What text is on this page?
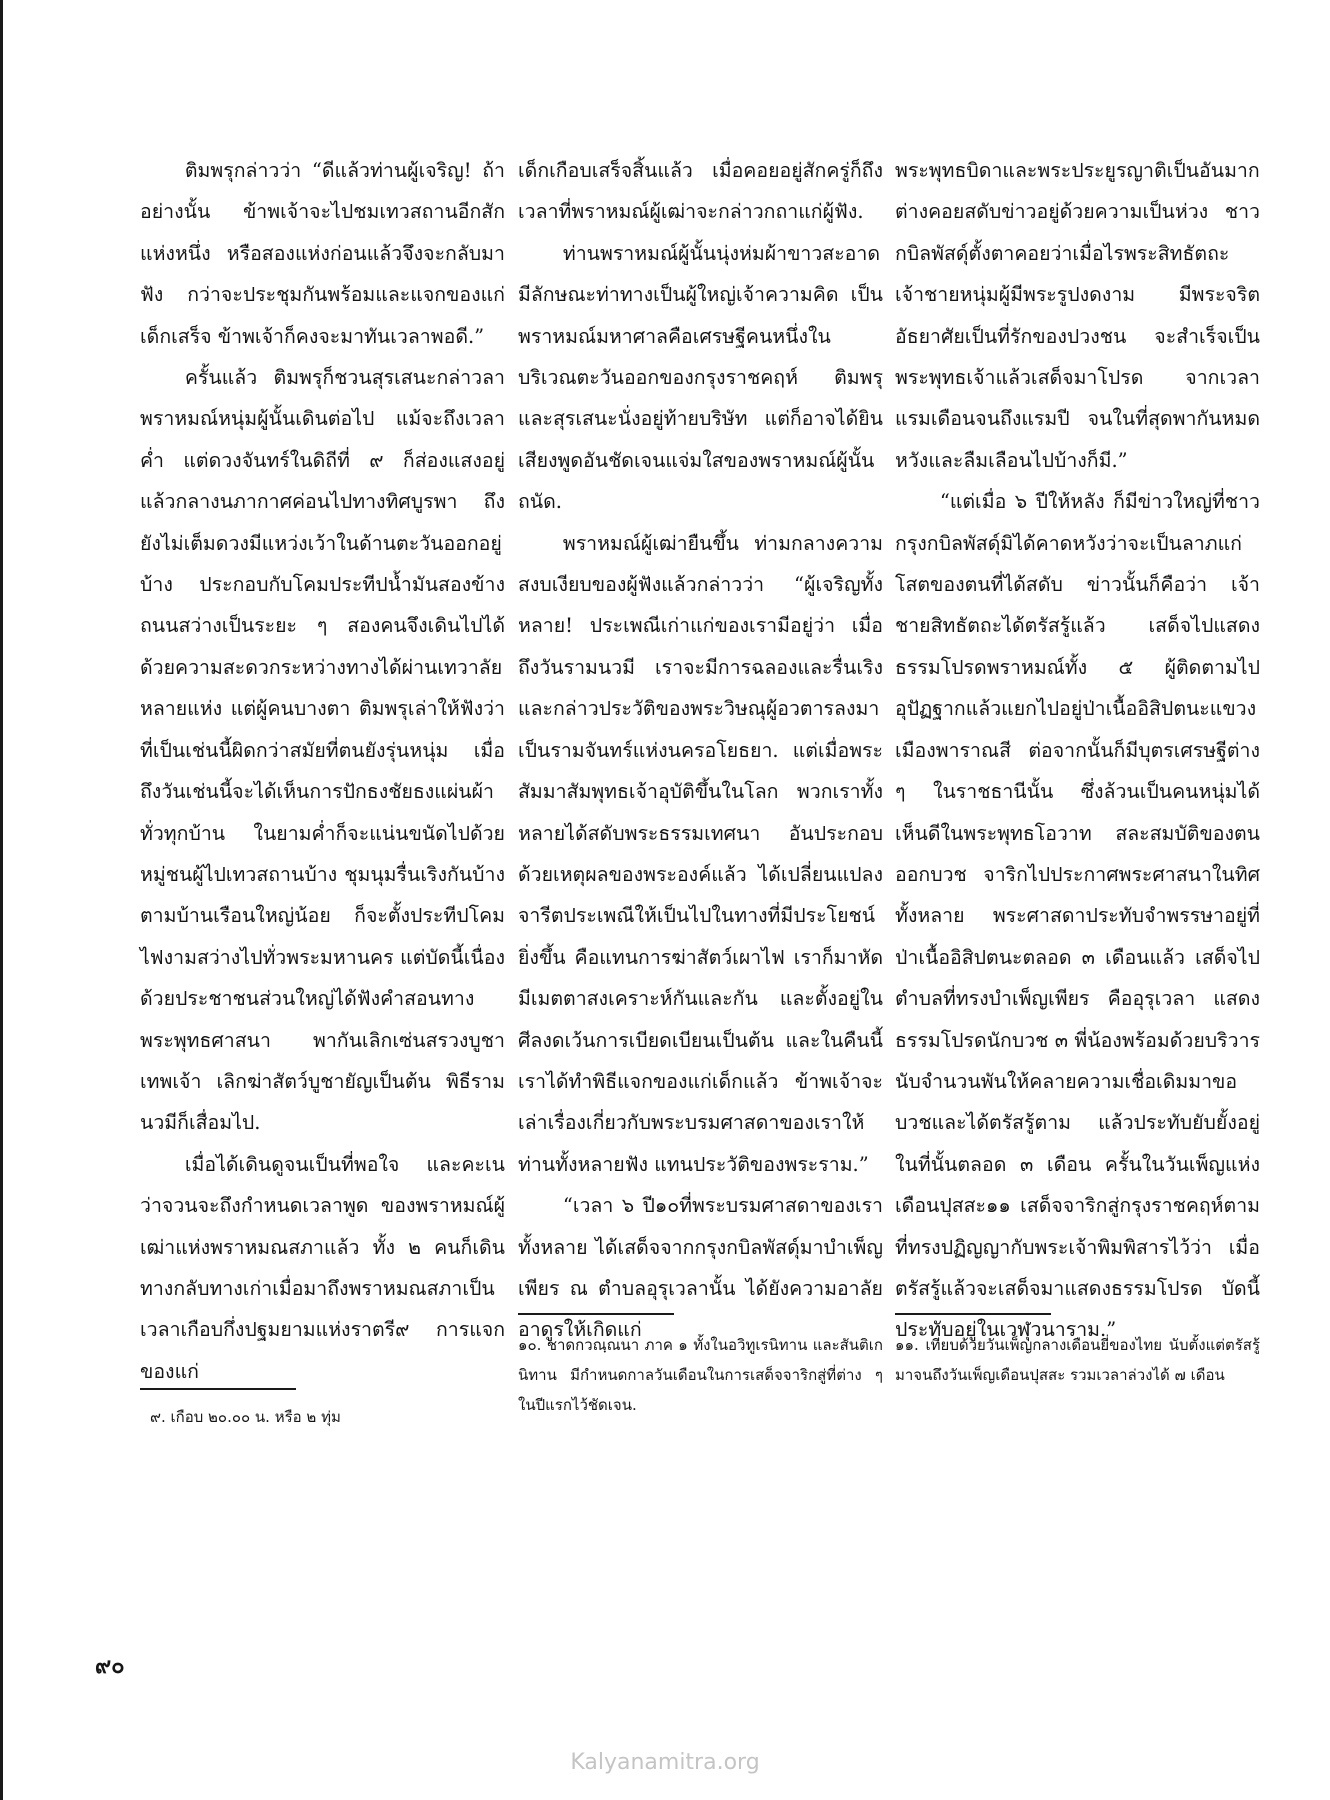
ติมพรุกล่าวว่า “ดีแล้วท่านผู้เจริญ! ถ้าอย่างนั้น ข้าพเจ้าจะไปชมเทวสถานอีกสักแห่งหนึ่ง หรือสองแห่งก่อนแล้วจึงจะกลับมาฟัง กว่าจะประชุมกันพร้อมและแจกของแก่เด็กเสร็จ ข้าพเจ้าก็คงจะมาทันเวลาพอดี.”

ครั้นแล้ว ติมพรุก็ชวนสุรเสนะกล่าวลาพราหมณ์หนุ่มผู้นั้นเดินต่อไป แม้จะถึงเวลาค่ำ แต่ดวงจันทร์ในดิถีที่ ๙ ก็ส่องแสงอยู่แล้วกลางนภากาศค่อนไปทางทิศบูรพา ถึงยังไม่เต็มดวงมีแหว่งเว้าในด้านตะวันออกอยู่บ้าง ประกอบกับโคมประทีปน้ำมันสองข้างถนนสว่างเป็นระยะ ๆ สองคนจึงเดินไปได้ด้วยความสะดวกระหว่างทางได้ผ่านเทวาลัยหลายแห่ง แต่ผู้คนบางตา ติมพรุเล่าให้ฟังว่า ที่เป็นเช่นนี้ผิดกว่าสมัยที่ตนยังรุ่นหนุ่ม เมื่อถึงวันเช่นนี้จะได้เห็นการปักธงชัยธงแผ่นผ้าทั่วทุกบ้าน ในยามค่ำก็จะแน่นขนัดไปด้วยหมู่ชนผู้ไปเทวสถานบ้าง ชุมนุมรื่นเริงกันบ้างตามบ้านเรือนใหญ่น้อย ก็จะตั้งประทีปโคมไฟงามสว่างไปทั่วพระมหานคร แต่บัดนี้เนื่องด้วยประชาชนส่วนใหญ่ได้ฟังคำสอนทางพระพุทธศาสนา พากันเลิกเซ่นสรวงบูชาเทพเจ้า เลิกฆ่าสัตว์บูชายัญเป็นต้น พิธีรามนวมีก็เสื่อมไป.

เมื่อได้เดินดูจนเป็นที่พอใจ และคะเนว่าจวนจะถึงกำหนดเวลาพูด ของพราหมณ์ผู้เฒ่าแห่งพราหมณสภาแล้ว ทั้ง ๒ คนก็เดินทางกลับทางเก่าเมื่อมาถึงพราหมณสภาเป็นเวลาเกือบกึ่งปฐมยามแห่งราตรี๙ การแจกของแก่

๙. เกือบ ๒๐.๐๐ น. หรือ ๒ ทุ่ม

เด็กเกือบเสร็จสิ้นแล้ว เมื่อคอยอยู่สักครู่ก็ถึงเวลาที่พราหมณ์ผู้เฒ่าจะกล่าวกถาแก่ผู้ฟัง.

ท่านพราหมณ์ผู้นั้นนุ่งห่มผ้าขาวสะอาด มีลักษณะท่าทางเป็นผู้ใหญ่เจ้าความคิด เป็นพราหมณ์มหาศาลคือเศรษฐีคนหนึ่งในบริเวณตะวันออกของกรุงราชคฤห์ ติมพรุและสุรเสนะนั่งอยู่ท้ายบริษัท แต่ก็อาจได้ยินเสียงพูดอันชัดเจนแจ่มใสของพราหมณ์ผู้นั้นถนัด.

พราหมณ์ผู้เฒ่ายืนขึ้น ท่ามกลางความสงบเงียบของผู้ฟังแล้วกล่าวว่า “ผู้เจริญทั้งหลาย! ประเพณีเก่าแก่ของเรามีอยู่ว่า เมื่อถึงวันรามนวมี เราจะมีการฉลองและรื่นเริง และกล่าวประวัติของพระวิษณุผู้อวตารลงมาเป็นรามจันทร์แห่งนครอโยธยา. แต่เมื่อพระสัมมาสัมพุทธเจ้าอุบัติขึ้นในโลก พวกเราทั้งหลายได้สดับพระธรรมเทศนา อันประกอบด้วยเหตุผลของพระองค์แล้ว ได้เปลี่ยนแปลงจารีตประเพณีให้เป็นไปในทางที่มีประโยชน์ยิ่งขึ้น คือแทนการฆ่าสัตว์เผาไฟ เราก็มาหัดมีเมตตาสงเคราะห์กันและกัน และตั้งอยู่ในศีลงดเว้นการเบียดเบียนเป็นต้น และในคืนนี้เราได้ทำพิธีแจกของแก่เด็กแล้ว ข้าพเจ้าจะเล่าเรื่องเกี่ยวกับพระบรมศาสดาของเราให้ท่านทั้งหลายฟัง แทนประวัติของพระราม.”

“เวลา ๖ ปี๑๐ที่พระบรมศาสดาของเราทั้งหลาย ได้เสด็จจากกรุงกบิลพัสดุ์มาบำเพ็ญเพียร ณ ตำบลอุรุเวลานั้น ได้ยังความอาลัยอาดูรให้เกิดแก่

๑๐. ชาดกวณฺณนา ภาค ๑ ทั้งในอวิทูเรนิทาน และสันติเกนิทาน มีกำหนดกาลวันเดือนในการเสด็จจาริกสู่ที่ต่าง ๆ ในปีแรกไว้ชัดเจน.

พระพุทธบิดาและพระประยูรญาติเป็นอันมาก ต่างคอยสดับข่าวอยู่ด้วยความเป็นห่วง ชาวกบิลพัสดุ์ตั้งตาคอยว่าเมื่อไรพระสิทธัตถะ เจ้าชายหนุ่มผู้มีพระรูปงดงาม มีพระจริตอัธยาศัยเป็นที่รักของปวงชน จะสำเร็จเป็นพระพุทธเจ้าแล้วเสด็จมาโปรด จากเวลาแรมเดือนจนถึงแรมปี จนในที่สุดพากันหมดหวังและลืมเลือนไปบ้างก็มี.”

“แต่เมื่อ ๖ ปีให้หลัง ก็มีข่าวใหญ่ที่ชาวกรุงกบิลพัสดุ์มิได้คาดหวังว่าจะเป็นลาภแก่โสตของตนที่ได้สดับ ข่าวนั้นก็คือว่า เจ้าชายสิทธัตถะได้ตรัสรู้แล้ว เสด็จไปแสดงธรรมโปรดพราหมณ์ทั้ง ๕ ผู้ติดตามไปอุปัฏฐากแล้วแยกไปอยู่ป่าเนื้ออิสิปตนะแขวงเมืองพาราณสี ต่อจากนั้นก็มีบุตรเศรษฐีต่าง ๆ ในราชธานีนั้น ซึ่งล้วนเป็นคนหนุ่มได้เห็นดีในพระพุทธโอวาท สละสมบัติของตนออกบวช จาริกไปประกาศพระศาสนาในทิศทั้งหลาย พระศาสดาประทับจำพรรษาอยู่ที่ป่าเนื้ออิสิปตนะตลอด ๓ เดือนแล้ว เสด็จไปตำบลที่ทรงบำเพ็ญเพียร คืออุรุเวลา แสดงธรรมโปรดนักบวช ๓ พี่น้องพร้อมด้วยบริวารนับจำนวนพันให้คลายความเชื่อเดิมมาขอบวชและได้ตรัสรู้ตาม แล้วประทับยับยั้งอยู่ในที่นั้นตลอด ๓ เดือน ครั้นในวันเพ็ญแห่งเดือนปุสสะ๑๑ เสด็จจาริกสู่กรุงราชคฤห์ตามที่ทรงปฏิญญากับพระเจ้าพิมพิสารไว้ว่า เมื่อตรัสรู้แล้วจะเสด็จมาแสดงธรรมโปรด บัดนี้ประทับอยู่ในเวฬุวนาราม.”

๑๑. เทียบด้วยวันเพ็ญกลางเดือนยี่ของไทย นับตั้งแต่ตรัสรู้มาจนถึงวันเพ็ญเดือนปุสสะ รวมเวลาล่วงได้ ๗ เดือน

๙๐

Kalyanamitra.org
